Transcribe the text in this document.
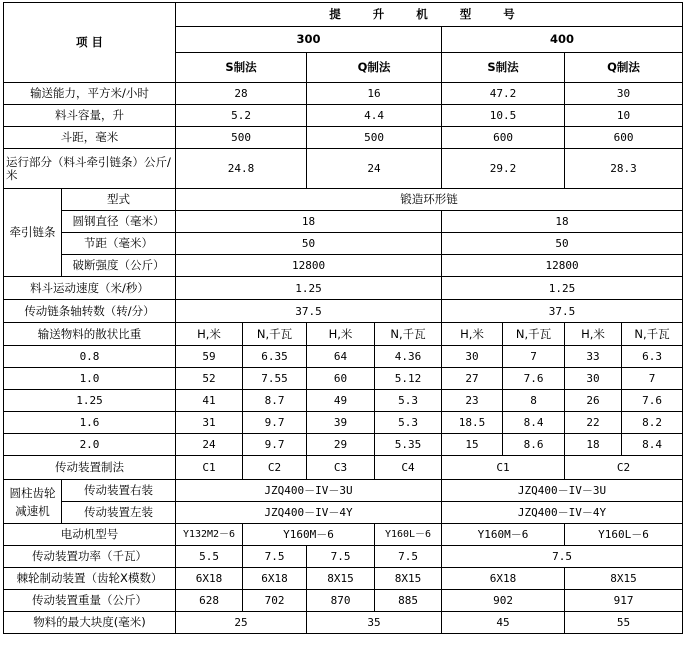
项 目		提 升 机 型 号							
		300				400			
		S制法		Q制法		S制法		Q制法	
输送能力，平方米/小时		28		16		47.2		30	
料斗容量，升		5.2		4.4		10.5		10	
斗距，毫米		500		500		600		600	
运行部分（料斗牵引链条）公斤/米		24.8		24		29.2		28.3	
牵引链条	型式	锻造环形链							
	圆钢直径（毫米）	18				18			
	节距（毫米）	50				50			
	破断强度（公斤）	12800				12800			
料斗运动速度（米/秒）		1.25				1.25			
传动链条轴转数（转/分）		37.5				37.5			
输送物料的散状比重		H,米	N,千瓦	H,米	N,千瓦	H,米	N,千瓦	H,米	N,千瓦
0.8		59	6.35	64	4.36	30	7	33	6.3
1.0		52	7.55	60	5.12	27	7.6	30	7
1.25		41	8.7	49	5.3	23	8	26	7.6
1.6		31	9.7	39	5.3	18.5	8.4	22	8.2
2.0		24	9.7	29	5.35	15	8.6	18	8.4
传动装置制法		C1	C2	C3	C4	C1		C2	
圆柱齿轮
减速机	传动装置右装	JZQ400－IV－3U				JZQ400－IV－3U			
	传动装置左装	JZQ400－IV－4Y				JZQ400－IV－4Y			
电动机型号		Y132M2－6	Y160M－6		Y160L－6	Y160M－6		Y160L－6	
传动装置功率（千瓦）		5.5	7.5	7.5	7.5	7.5			
棘轮制动装置（齿轮X模数）		6X18	6X18	8X15	8X15	6X18		8X15	
传动装置重量（公斤）		628	702	870	885	902		917	
物料的最大块度(毫米)		25		35		45		55	
